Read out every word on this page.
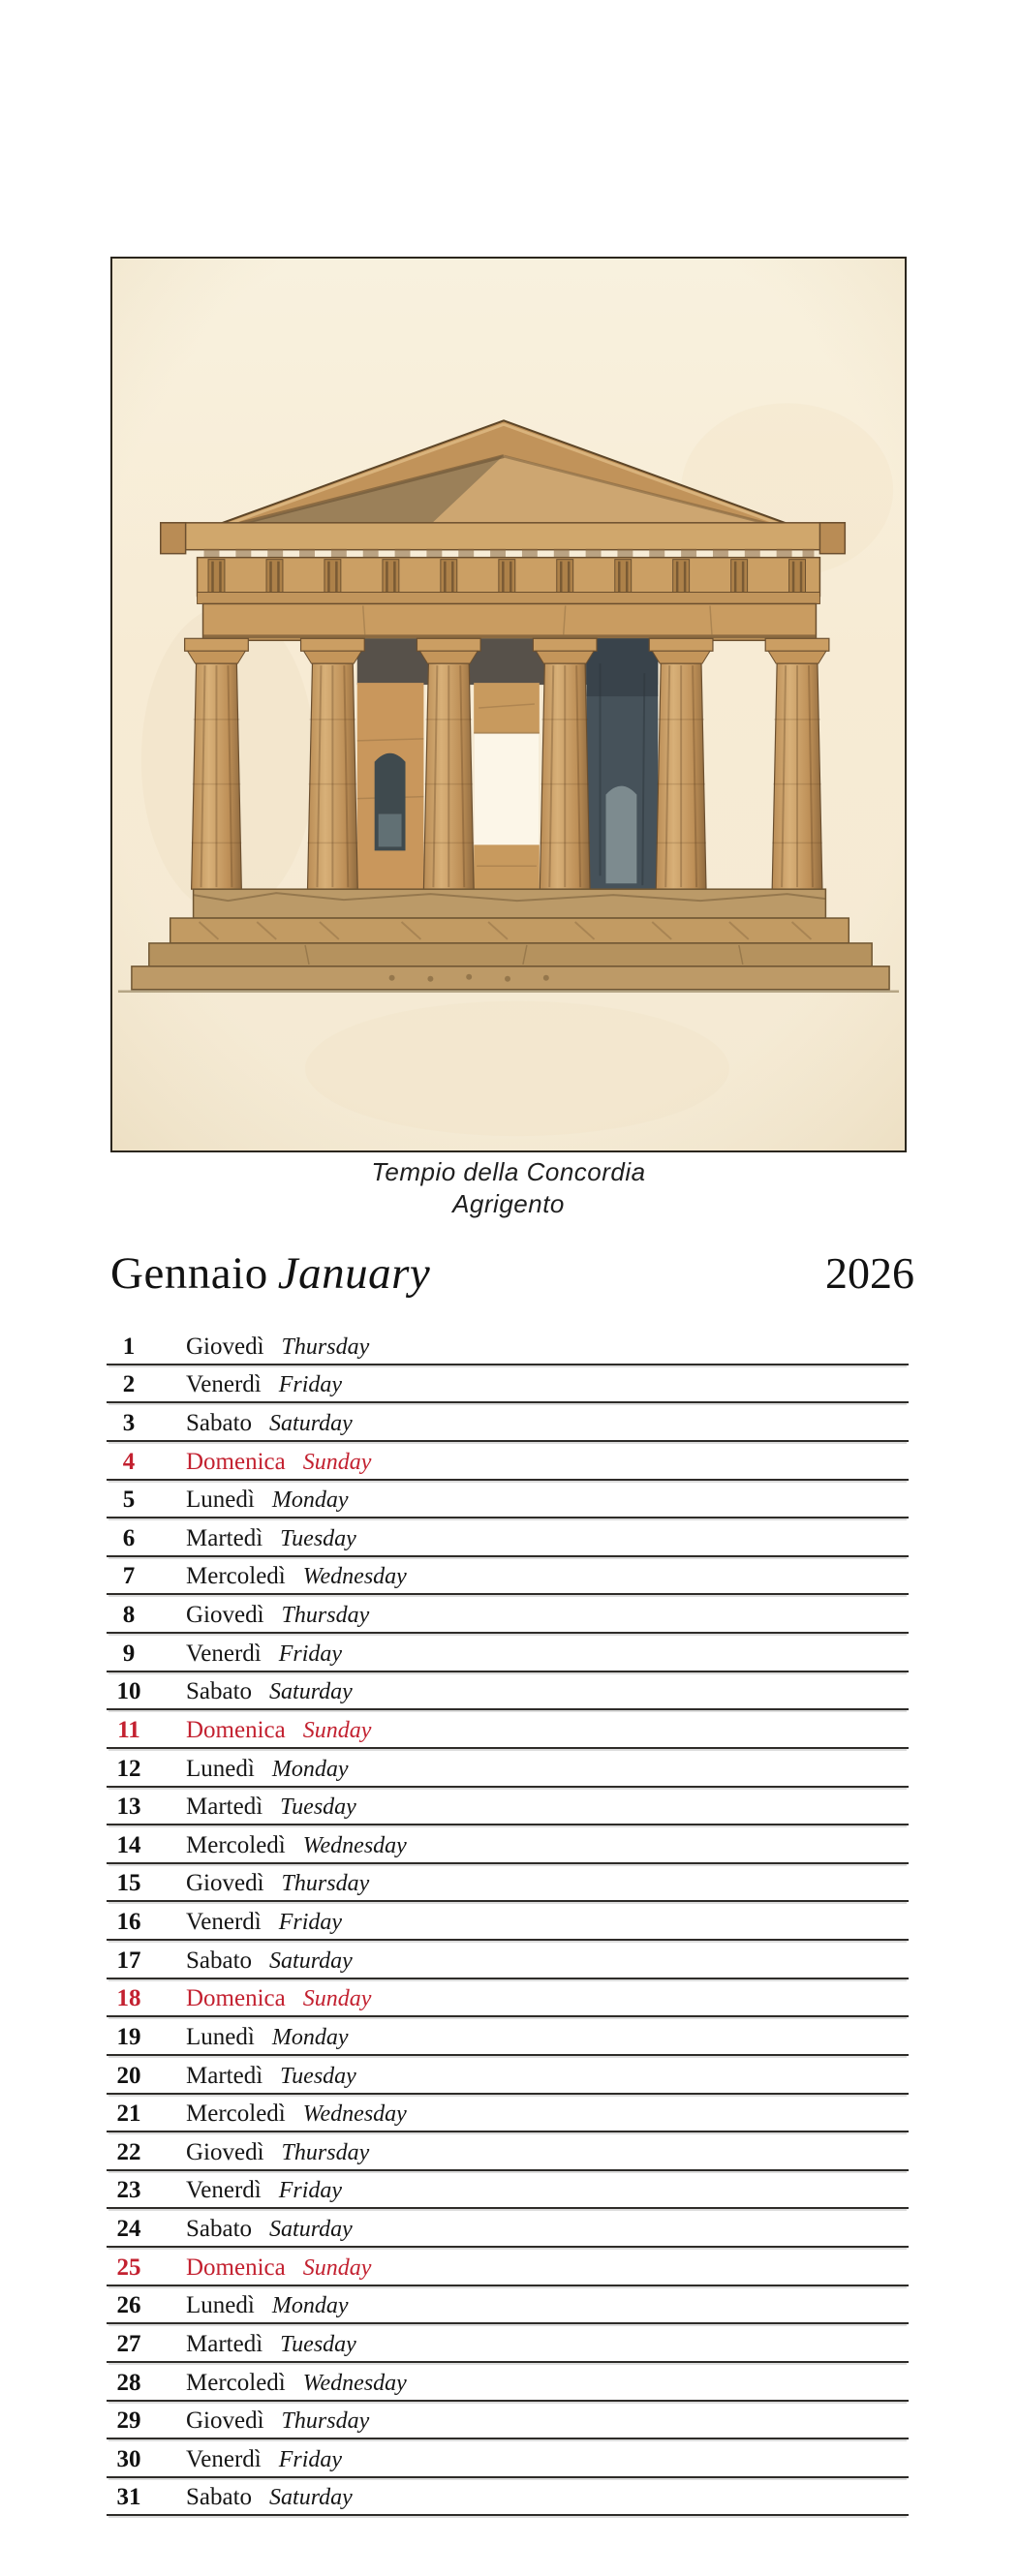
Tempio della Concordia
Agrigento
Gennaio January	2026
1	Giovedì Thursday
2	Venerdì Friday
3	Sabato Saturday
4	Domenica Sunday
5	Lunedì Monday
6	Martedì Tuesday
7	Mercoledì Wednesday
8	Giovedì Thursday
9	Venerdì Friday
10	Sabato Saturday
11	Domenica Sunday
12	Lunedì Monday
13	Martedì Tuesday
14	Mercoledì Wednesday
15	Giovedì Thursday
16	Venerdì Friday
17	Sabato Saturday
18	Domenica Sunday
19	Lunedì Monday
20	Martedì Tuesday
21	Mercoledì Wednesday
22	Giovedì Thursday
23	Venerdì Friday
24	Sabato Saturday
25	Domenica Sunday
26	Lunedì Monday
27	Martedì Tuesday
28	Mercoledì Wednesday
29	Giovedì Thursday
30	Venerdì Friday
31	Sabato Saturday
